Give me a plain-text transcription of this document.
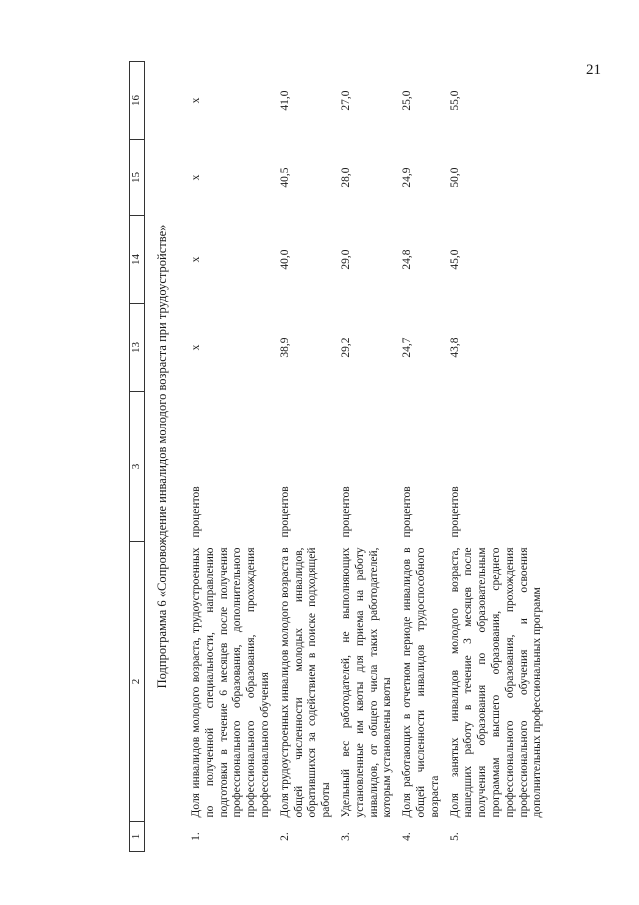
21
1	2	3	13	14	15	16
Подпрограмма 6 «Сопровождение инвалидов молодого возраста при трудоустройстве»						
1.	Доля инвалидов молодого возраста, трудоустроенных по полученной специальности, направлению подготовки в течение 6 месяцев после получения профессионального образования, дополнительного профессионального образования, прохождения профессионального обучения	процентов	х	х	х	х
2.	Доля трудоустроенных инвалидов молодого возраста в общей численности молодых инвалидов, обратившихся за содействием в поиске подходящей работы	процентов	38,9	40,0	40,5	41,0
3.	Удельный вес работодателей, не выполняющих установленные им квоты для приема на работу инвалидов, от общего числа таких работодателей, которым установлены квоты	процентов	29,2	29,0	28,0	27,0
4.	Доля работающих в отчетном периоде инвалидов в общей численности инвалидов трудоспособного возраста	процентов	24,7	24,8	24,9	25,0
5.	Доля занятых инвалидов молодого возраста, нашедших работу в течение 3 месяцев после получения образования по образовательным программам высшего образования, среднего профессионального образования, прохождения профессионального обучения и освоения дополнительных профессиональных программ	процентов	43,8	45,0	50,0	55,0
